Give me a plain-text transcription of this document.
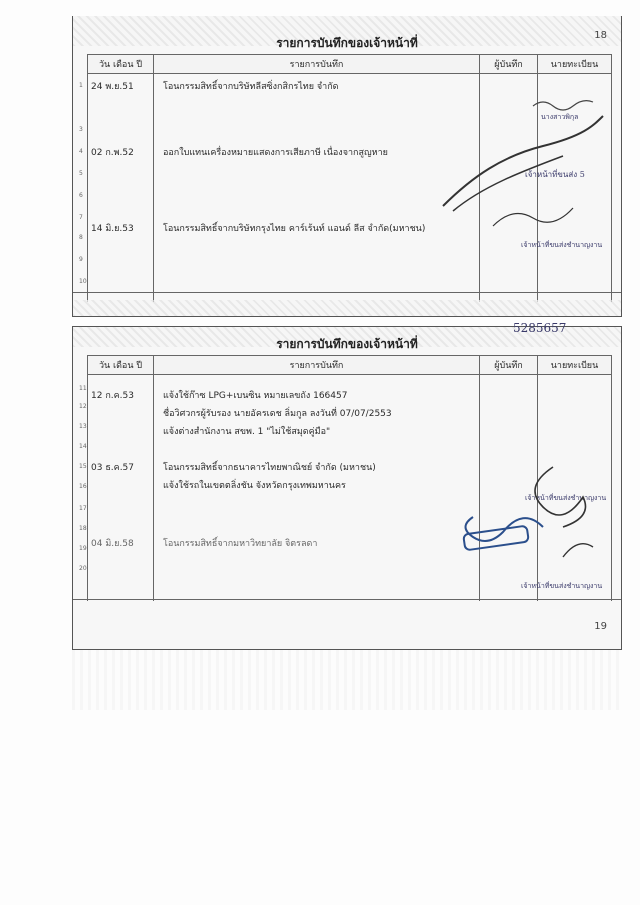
รายการบันทึกของเจ้าหน้าที่
18
วัน เดือน ปี	รายการบันทึก	ผู้บันทึก	นายทะเบียน

1
3
4
5
6
7
8
9
10
24 พ.ย.51	โอนกรรมสิทธิ์จากบริษัทลีสซิ่งกสิกรไทย จำกัด
02 ก.พ.52	ออกใบแทนเครื่องหมายแสดงการเสียภาษี เนื่องจากสูญหาย
14 มิ.ย.53	โอนกรรมสิทธิ์จากบริษัทกรุงไทย คาร์เร้นท์ แอนด์ ลีส จำกัด(มหาชน)
นางสาวพิกุล
เจ้าหน้าที่ขนส่ง 5
เจ้าหน้าที่ขนส่งชำนาญงาน
รายการบันทึกของเจ้าหน้าที่
5285657
19
วัน เดือน ปี	รายการบันทึก	ผู้บันทึก	นายทะเบียน

11
12
13
14
15
16
17
18
19
20
12 ก.ค.53	แจ้งใช้ก๊าซ LPG+เบนซิน หมายเลขถัง 166457
ชื่อวิศวกรผู้รับรอง นายอัครเดช ลิ่มกูล ลงวันที่ 07/07/2553
แจ้งต่างสำนักงาน สขพ. 1 "ไม่ใช้สมุดคู่มือ"
03 ธ.ค.57	โอนกรรมสิทธิ์จากธนาคารไทยพาณิชย์ จำกัด (มหาชน)
แจ้งใช้รถในเขตตลิ่งชัน จังหวัดกรุงเทพมหานคร
04 มิ.ย.58	โอนกรรมสิทธิ์จากมหาวิทยาลัย จิตรลดา
เจ้าหน้าที่ขนส่งชำนาญงาน
เจ้าหน้าที่ขนส่งชำนาญงาน
